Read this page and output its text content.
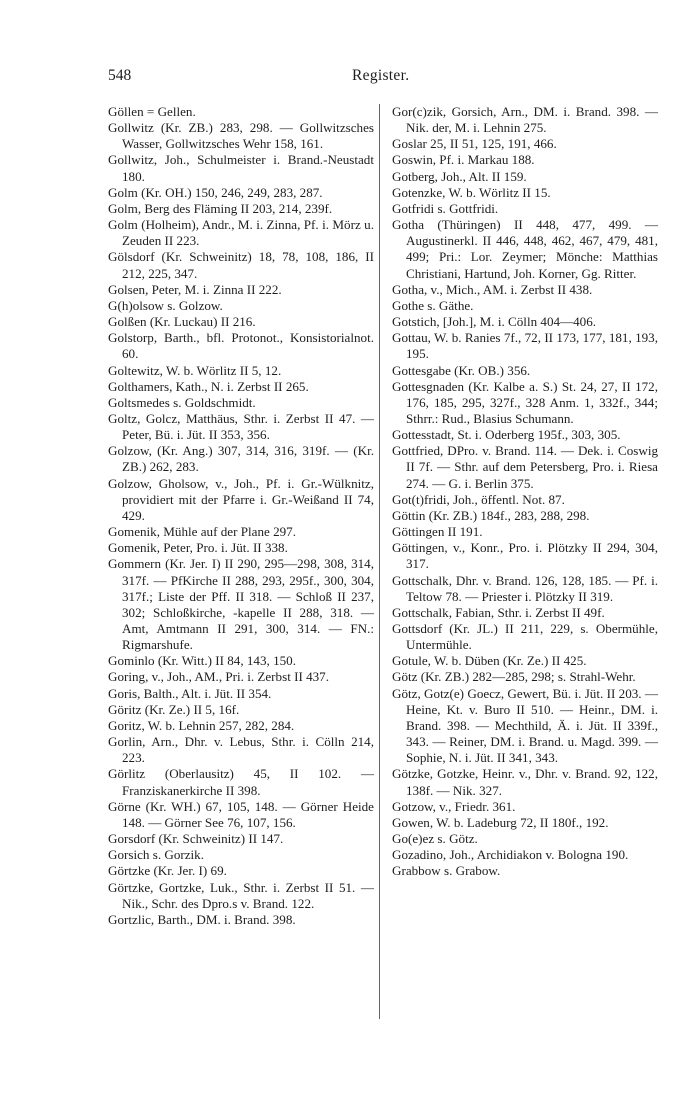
548	Register.

Göllen = Gellen.

Gollwitz (Kr. ZB.) 283, 298. — Gollwitzsches Wasser, Gollwitzsches Wehr 158, 161.

Gollwitz, Joh., Schulmeister i. Brand.-Neustadt 180.

Golm (Kr. OH.) 150, 246, 249, 283, 287.

Golm, Berg des Fläming II 203, 214, 239f.

Golm (Holheim), Andr., M. i. Zinna, Pf. i. Mörz u. Zeuden II 223.

Gölsdorf (Kr. Schweinitz) 18, 78, 108, 186, II 212, 225, 347.

Golsen, Peter, M. i. Zinna II 222.

G(h)olsow s. Golzow.

Golßen (Kr. Luckau) II 216.

Golstorp, Barth., bfl. Protonot., Konsistorialnot. 60.

Goltewitz, W. b. Wörlitz II 5, 12.

Golthamers, Kath., N. i. Zerbst II 265.

Goltsmedes s. Goldschmidt.

Goltz, Golcz, Matthäus, Sthr. i. Zerbst II 47. — Peter, Bü. i. Jüt. II 353, 356.

Golzow, (Kr. Ang.) 307, 314, 316, 319f. — (Kr. ZB.) 262, 283.

Golzow, Gholsow, v., Joh., Pf. i. Gr.-Wülknitz, providiert mit der Pfarre i. Gr.-Weißand II 74, 429.

Gomenik, Mühle auf der Plane 297.

Gomenik, Peter, Pro. i. Jüt. II 338.

Gommern (Kr. Jer. I) II 290, 295—298, 308, 314, 317f. — PfKirche II 288, 293, 295f., 300, 304, 317f.; Liste der Pff. II 318. — Schloß II 237, 302; Schloßkirche, -kapelle II 288, 318. — Amt, Amtmann II 291, 300, 314. — FN.: Rigmarshufe.

Gominlo (Kr. Witt.) II 84, 143, 150.

Goring, v., Joh., AM., Pri. i. Zerbst II 437.

Goris, Balth., Alt. i. Jüt. II 354.

Göritz (Kr. Ze.) II 5, 16f.

Goritz, W. b. Lehnin 257, 282, 284.

Gorlin, Arn., Dhr. v. Lebus, Sthr. i. Cölln 214, 223.

Görlitz (Oberlausitz) 45, II 102. — Franziskanerkirche II 398.

Görne (Kr. WH.) 67, 105, 148. — Görner Heide 148. — Görner See 76, 107, 156.

Gorsdorf (Kr. Schweinitz) II 147.

Gorsich s. Gorzik.

Görtzke (Kr. Jer. I) 69.

Görtzke, Gortzke, Luk., Sthr. i. Zerbst II 51. — Nik., Schr. des Dpro.s v. Brand. 122.

Gortzlic, Barth., DM. i. Brand. 398.

Gor(c)zik, Gorsich, Arn., DM. i. Brand. 398. — Nik. der, M. i. Lehnin 275.

Goslar 25, II 51, 125, 191, 466.

Goswin, Pf. i. Markau 188.

Gotberg, Joh., Alt. II 159.

Gotenzke, W. b. Wörlitz II 15.

Gotfridi s. Gottfridi.

Gotha (Thüringen) II 448, 477, 499. — Augustinerkl. II 446, 448, 462, 467, 479, 481, 499; Pri.: Lor. Zeymer; Mönche: Matthias Christiani, Hartund, Joh. Korner, Gg. Ritter.

Gotha, v., Mich., AM. i. Zerbst II 438.

Gothe s. Gäthe.

Gotstich, [Joh.], M. i. Cölln 404—406.

Gottau, W. b. Ranies 7f., 72, II 173, 177, 181, 193, 195.

Gottesgabe (Kr. OB.) 356.

Gottesgnaden (Kr. Kalbe a. S.) St. 24, 27, II 172, 176, 185, 295, 327f., 328 Anm. 1, 332f., 344; Sthrr.: Rud., Blasius Schumann.

Gottesstadt, St. i. Oderberg 195f., 303, 305.

Gottfried, DPro. v. Brand. 114. — Dek. i. Coswig II 7f. — Sthr. auf dem Petersberg, Pro. i. Riesa 274. — G. i. Berlin 375.

Got(t)fridi, Joh., öffentl. Not. 87.

Göttin (Kr. ZB.) 184f., 283, 288, 298.

Göttingen II 191.

Göttingen, v., Konr., Pro. i. Plötzky II 294, 304, 317.

Gottschalk, Dhr. v. Brand. 126, 128, 185. — Pf. i. Teltow 78. — Priester i. Plötzky II 319.

Gottschalk, Fabian, Sthr. i. Zerbst II 49f.

Gottsdorf (Kr. JL.) II 211, 229, s. Obermühle, Untermühle.

Gotule, W. b. Düben (Kr. Ze.) II 425.

Götz (Kr. ZB.) 282—285, 298; s. Strahl-Wehr.

Götz, Gotz(e) Goecz, Gewert, Bü. i. Jüt. II 203. — Heine, Kt. v. Buro II 510. — Heinr., DM. i. Brand. 398. — Mechthild, Ä. i. Jüt. II 339f., 343. — Reiner, DM. i. Brand. u. Magd. 399. — Sophie, N. i. Jüt. II 341, 343.

Götzke, Gotzke, Heinr. v., Dhr. v. Brand. 92, 122, 138f. — Nik. 327.

Gotzow, v., Friedr. 361.

Gowen, W. b. Ladeburg 72, II 180f., 192.

Go(e)ez s. Götz.

Gozadino, Joh., Archidiakon v. Bologna 190.

Grabbow s. Grabow.
